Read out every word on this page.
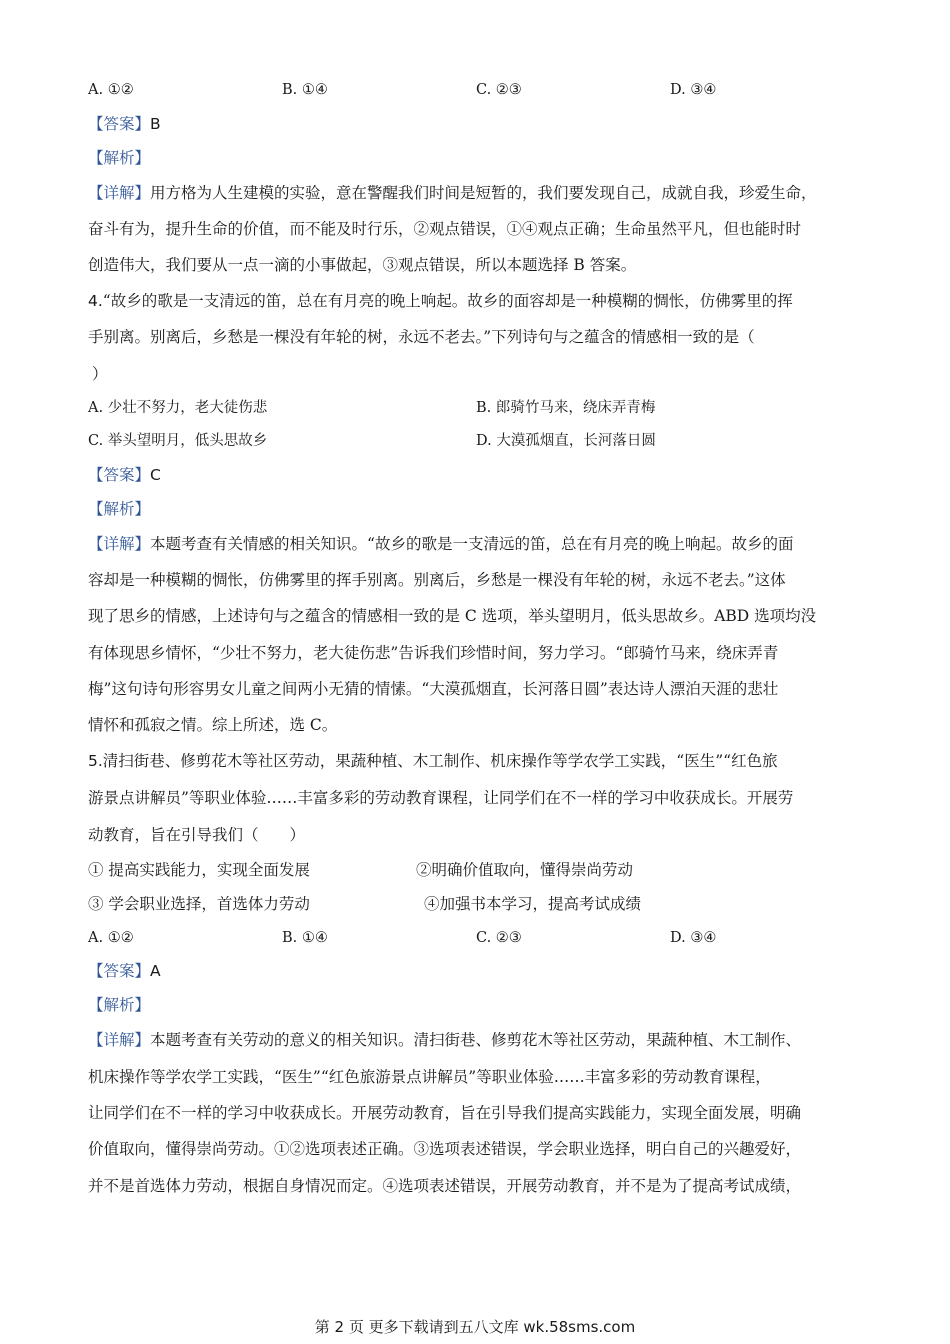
A. ①②	B. ①④	C. ②③	D. ③④
【答案】B
【解析】
【详解】用方格为人生建模的实验，意在警醒我们时间是短暂的，我们要发现自己，成就自我，珍爱生命，
奋斗有为，提升生命的价值，而不能及时行乐，②观点错误，①④观点正确；生命虽然平凡，但也能时时
创造伟大，我们要从一点一滴的小事做起，③观点错误，所以本题选择 B 答案。
4.“故乡的歌是一支清远的笛，总在有月亮的晚上响起。故乡的面容却是一种模糊的惆怅，仿佛雾里的挥
手别离。别离后，乡愁是一棵没有年轮的树，永远不老去。”下列诗句与之蕴含的情感相一致的是（
）
A. 少壮不努力，老大徒伤悲	B. 郎骑竹马来，绕床弄青梅
C. 举头望明月，低头思故乡	D. 大漠孤烟直，长河落日圆
【答案】C
【解析】
【详解】本题考查有关情感的相关知识。“故乡的歌是一支清远的笛，总在有月亮的晚上响起。故乡的面
容却是一种模糊的惆怅，仿佛雾里的挥手别离。别离后，乡愁是一棵没有年轮的树，永远不老去。”这体
现了思乡的情感，上述诗句与之蕴含的情感相一致的是 C 选项，举头望明月，低头思故乡。ABD 选项均没
有体现思乡情怀，“少壮不努力，老大徒伤悲”告诉我们珍惜时间，努力学习。“郎骑竹马来，绕床弄青
梅”这句诗句形容男女儿童之间两小无猜的情愫。“大漠孤烟直，长河落日圆”表达诗人漂泊天涯的悲壮
情怀和孤寂之情。综上所述，选 C。
5.清扫街巷、修剪花木等社区劳动，果蔬种植、木工制作、机床操作等学农学工实践，“医生”“红色旅
游景点讲解员”等职业体验……丰富多彩的劳动教育课程，让同学们在不一样的学习中收获成长。开展劳
动教育，旨在引导我们（　　）
① 提高实践能力，实现全面发展	②明确价值取向，懂得崇尚劳动
③ 学会职业选择，首选体力劳动	④加强书本学习，提高考试成绩
A. ①②	B. ①④	C. ②③	D. ③④
【答案】A
【解析】
【详解】本题考查有关劳动的意义的相关知识。清扫街巷、修剪花木等社区劳动，果蔬种植、木工制作、
机床操作等学农学工实践，“医生”“红色旅游景点讲解员”等职业体验……丰富多彩的劳动教育课程，
让同学们在不一样的学习中收获成长。开展劳动教育，旨在引导我们提高实践能力，实现全面发展，明确
价值取向，懂得崇尚劳动。①②选项表述正确。③选项表述错误，学会职业选择，明白自己的兴趣爱好，
并不是首选体力劳动，根据自身情况而定。④选项表述错误，开展劳动教育，并不是为了提高考试成绩，
第 2 页 更多下载请到五八文库 wk.58sms.com
